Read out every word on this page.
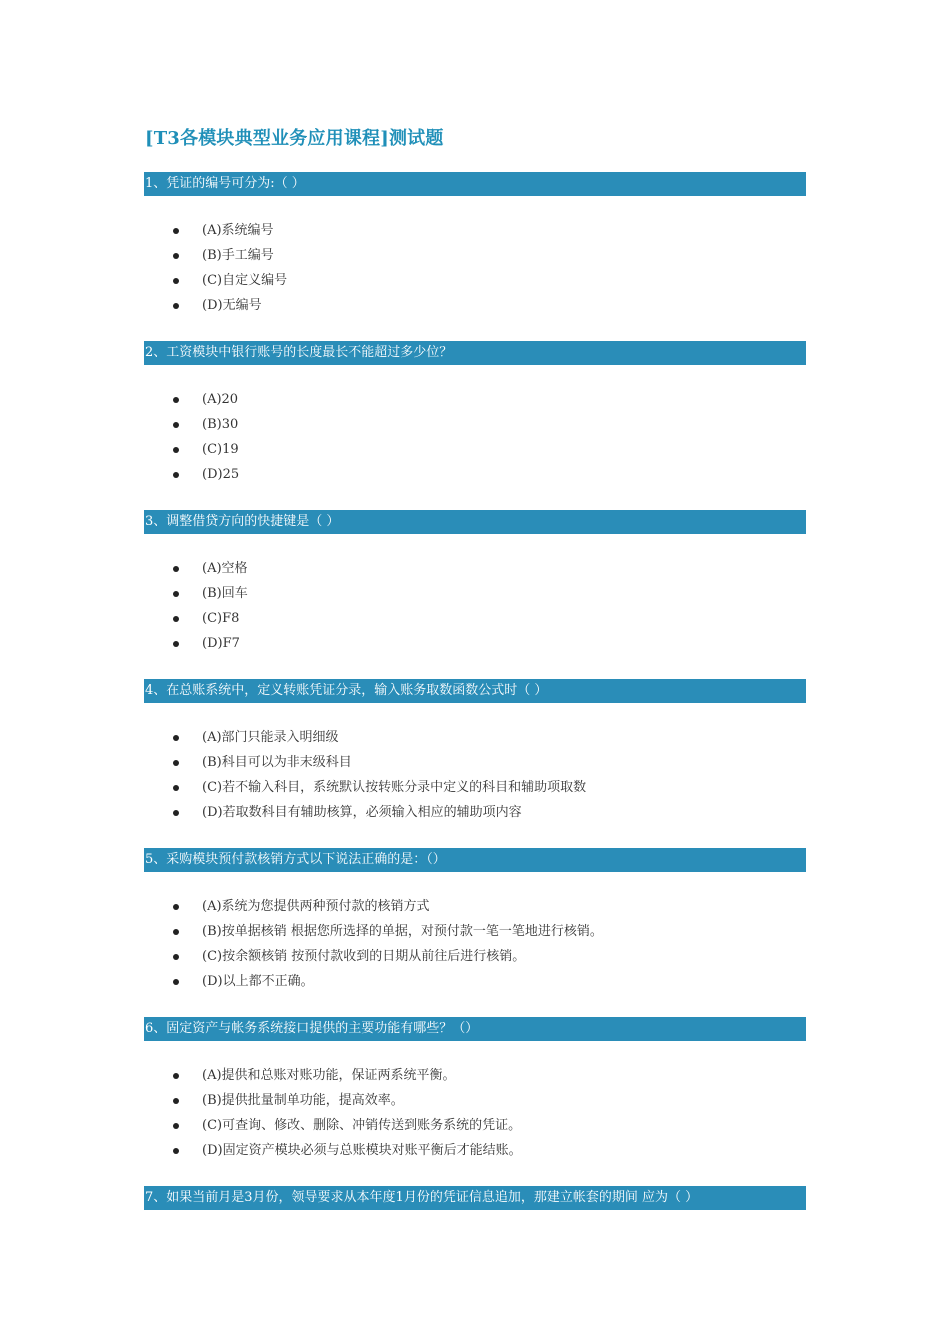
[T3各模块典型业务应用课程]测试题
1、凭证的编号可分为:（ ）
(A)系统编号
(B)手工编号
(C)自定义编号
(D)无编号
2、工资模块中银行账号的长度最长不能超过多少位？
(A)20
(B)30
(C)19
(D)25
3、调整借贷方向的快捷键是（ ）
(A)空格
(B)回车
(C)F8
(D)F7
4、在总账系统中，定义转账凭证分录，输入账务取数函数公式时（ ）
(A)部门只能录入明细级
(B)科目可以为非末级科目
(C)若不输入科目，系统默认按转账分录中定义的科目和辅助项取数
(D)若取数科目有辅助核算，必须输入相应的辅助项内容
5、采购模块预付款核销方式以下说法正确的是：（）
(A)系统为您提供两种预付款的核销方式
(B)按单据核销 根据您所选择的单据，对预付款一笔一笔地进行核销。
(C)按余额核销 按预付款收到的日期从前往后进行核销。
(D)以上都不正确。
6、固定资产与帐务系统接口提供的主要功能有哪些？（）
(A)提供和总账对账功能，保证两系统平衡。
(B)提供批量制单功能，提高效率。
(C)可查询、修改、删除、冲销传送到账务系统的凭证。
(D)固定资产模块必须与总账模块对账平衡后才能结账。
7、如果当前月是3月份，领导要求从本年度1月份的凭证信息追加，那建立帐套的期间 应为（ ）
